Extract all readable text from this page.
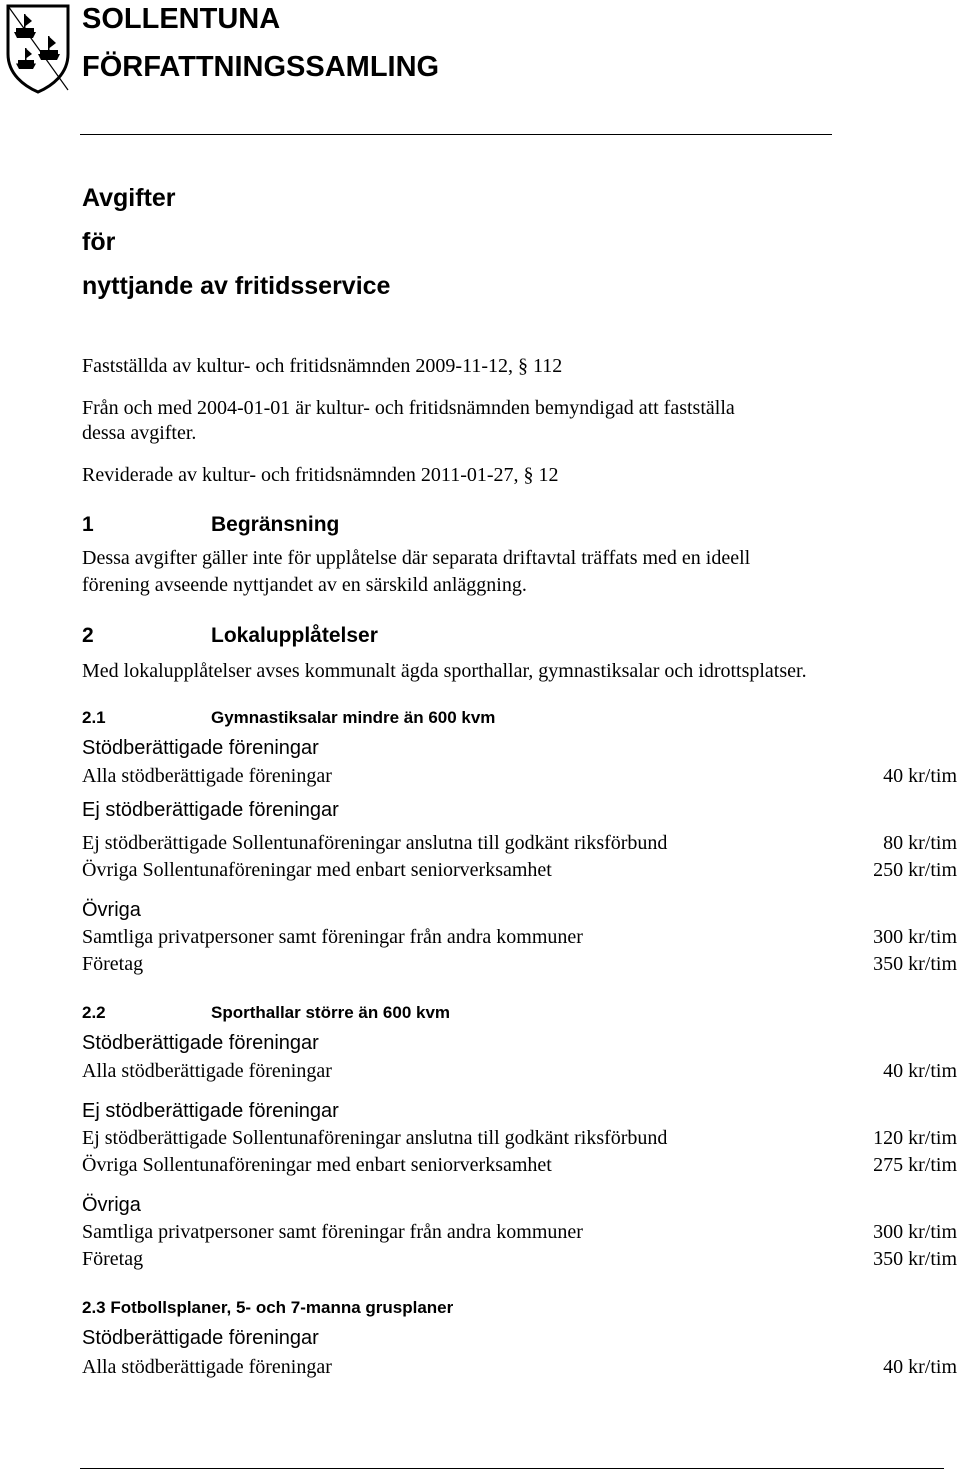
SOLLENTUNA
FÖRFATTNINGSSAMLING
Avgifter
för
nyttjande av fritidsservice
Fastställda av kultur- och fritidsnämnden 2009-11-12, § 112
Från och med 2004-01-01 är kultur- och fritidsnämnden bemyndigad att fastställa
dessa avgifter.
Reviderade av kultur- och fritidsnämnden 2011-01-27, § 12
1	Begränsning
Dessa avgifter gäller inte för upplåtelse där separata driftavtal träffats med en ideell
förening avseende nyttjandet av en särskild anläggning.
2	Lokalupplåtelser
Med lokalupplåtelser avses kommunalt ägda sporthallar, gymnastiksalar och idrottsplatser.
2.1	Gymnastiksalar mindre än 600 kvm
Stödberättigade föreningar
Alla stödberättigade föreningar	40 kr/tim
Ej stödberättigade föreningar
Ej stödberättigade Sollentunaföreningar anslutna till godkänt riksförbund	80 kr/tim
Övriga Sollentunaföreningar med enbart seniorverksamhet	250 kr/tim
Övriga
Samtliga privatpersoner samt föreningar från andra kommuner	300 kr/tim
Företag	350 kr/tim
2.2	Sporthallar större än 600 kvm
Stödberättigade föreningar
Alla stödberättigade föreningar	40 kr/tim
Ej stödberättigade föreningar
Ej stödberättigade Sollentunaföreningar anslutna till godkänt riksförbund	120 kr/tim
Övriga Sollentunaföreningar med enbart seniorverksamhet	275 kr/tim
Övriga
Samtliga privatpersoner samt föreningar från andra kommuner	300 kr/tim
Företag	350 kr/tim
2.3 Fotbollsplaner, 5- och 7-manna grusplaner
Stödberättigade föreningar
Alla stödberättigade föreningar	40 kr/tim
